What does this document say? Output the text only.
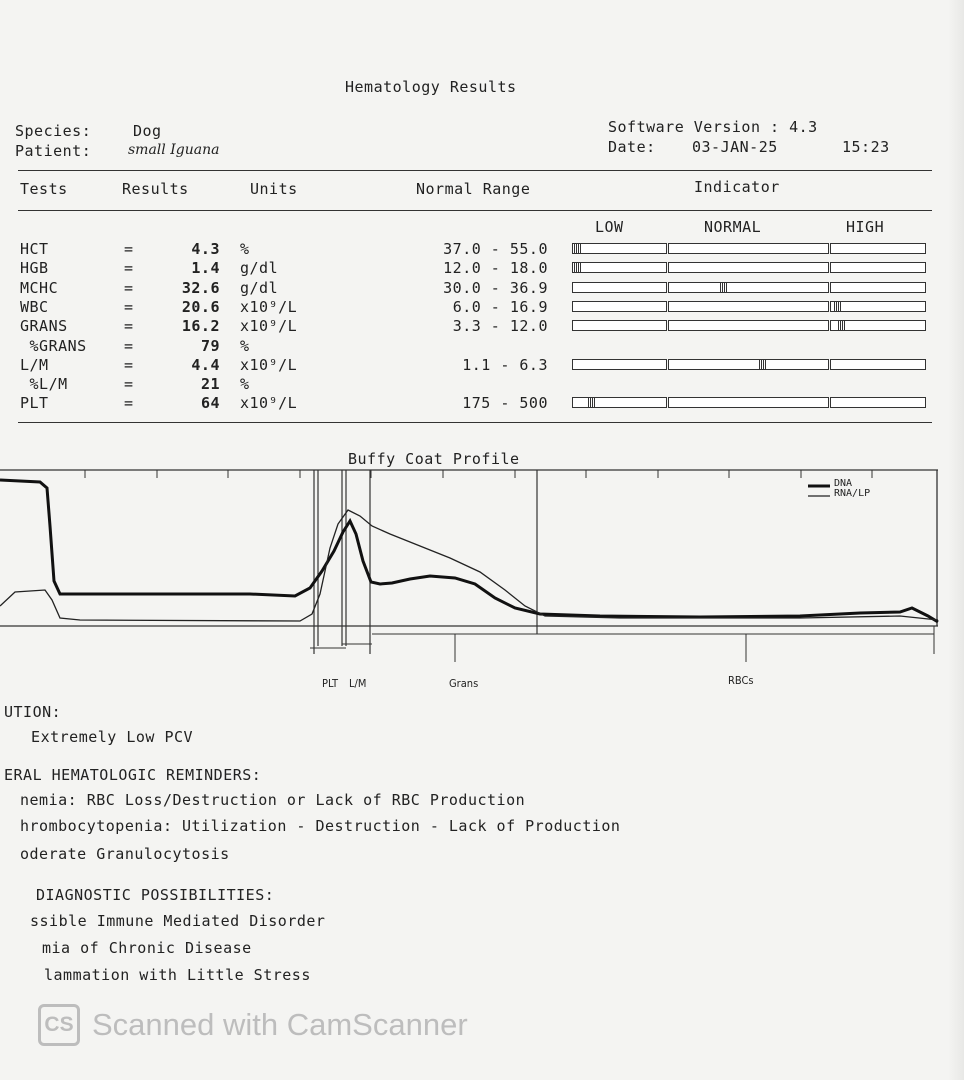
Hematology Results
Species:	Dog
Patient:	small Iguana
Software Version : 4.3
Date: 03-JAN-25	15:23
Tests	Results	Units	Normal Range	Indicator
LOW	NORMAL	HIGH
HCT	=	4.3 %	37.0 - 55.0
HGB	=	1.4 g/dl	12.0 - 18.0
MCHC	=	32.6 g/dl	30.0 - 36.9
WBC	=	20.6 x10⁹/L	6.0 - 16.9
GRANS	=	16.2 x10⁹/L	3.3 - 12.0
%GRANS =	79 %
L/M	=	4.4 x10⁹/L	1.1 - 6.3
%L/M	=	21 %
PLT	=	64 x10⁹/L	175 - 500
Buffy Coat Profile
DNA
RNA/LP
PLT L/M	Grans	RBCs
UTION:
Extremely Low PCV
ERAL HEMATOLOGIC REMINDERS:
nemia: RBC Loss/Destruction or Lack of RBC Production
hrombocytopenia: Utilization - Destruction - Lack of Production
oderate Granulocytosis
DIAGNOSTIC POSSIBILITIES:
ssible Immune Mediated Disorder
mia of Chronic Disease
lammation with Little Stress
CS Scanned with CamScanner
